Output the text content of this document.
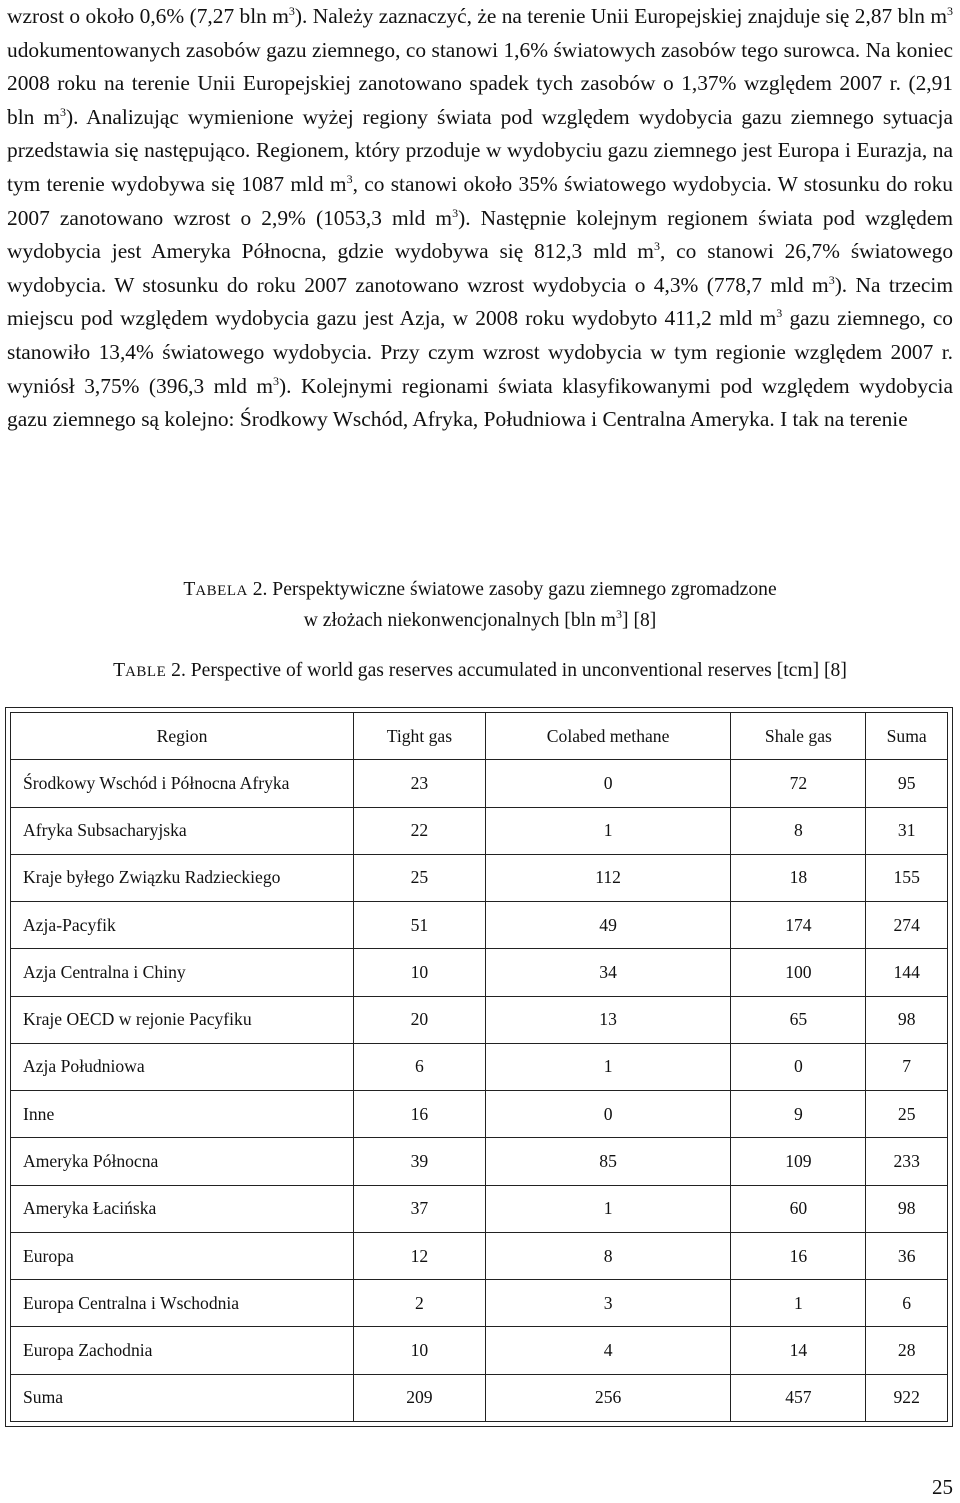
wzrost o około 0,6% (7,27 bln $m^3$). Należy zaznaczyć, że na terenie Unii Europejskiej znajduje się 2,87 bln $m^3$ udokumentowanych zasobów gazu ziemnego, co stanowi 1,6% światowych zasobów tego surowca. Na koniec 2008 roku na terenie Unii Europejskiej zanotowano spadek tych zasobów o 1,37% względem 2007 r. (2,91 bln $m^3$). Analizując wymienione wyżej regiony świata pod względem wydobycia gazu ziemnego sytuacja przedstawia się następująco. Regionem, który przoduje w wydobyciu gazu ziemnego jest Europa i Eurazja, na tym terenie wydobywa się 1087 mld $m^3$, co stanowi około 35% światowego wydobycia. W stosunku do roku 2007 zanotowano wzrost o 2,9% (1053,3 mld $m^3$). Następnie kolejnym regionem świata pod względem wydobycia jest Ameryka Północna, gdzie wydobywa się 812,3 mld $m^3$, co stanowi 26,7% światowego wydobycia. W stosunku do roku 2007 zanotowano wzrost wydobycia o 4,3% (778,7 mld $m^3$). Na trzecim miejscu pod względem wydobycia gazu jest Azja, w 2008 roku wydobyto 411,2 mld $m^3$ gazu ziemnego, co stanowiło 13,4% światowego wydobycia. Przy czym wzrost wydobycia w tym regionie względem 2007 r. wyniósł 3,75% (396,3 mld $m^3$). Kolejnymi regionami świata klasyfikowanymi pod względem wydobycia gazu ziemnego są kolejno: Środkowy Wschód, Afryka, Południowa i Centralna Ameryka. I tak na terenie

TABELA 2. Perspektywiczne światowe zasoby gazu ziemnego zgromadzone
w złożach niekonwencjonalnych [bln $m^3$] [8]
TABLE 2. Perspective of world gas reserves accumulated in unconventional reserves [tcm] [8]
Region	Tight gas	Colabed methane	Shale gas	Suma
Środkowy Wschód i Północna Afryka	23	0	72	95
Afryka Subsacharyjska	22	1	8	31
Kraje byłego Związku Radzieckiego	25	112	18	155
Azja-Pacyfik	51	49	174	274
Azja Centralna i Chiny	10	34	100	144
Kraje OECD w rejonie Pacyfiku	20	13	65	98
Azja Południowa	6	1	0	7
Inne	16	0	9	25
Ameryka Północna	39	85	109	233
Ameryka Łacińska	37	1	60	98
Europa	12	8	16	36
Europa Centralna i Wschodnia	2	3	1	6
Europa Zachodnia	10	4	14	28
Suma	209	256	457	922
25
